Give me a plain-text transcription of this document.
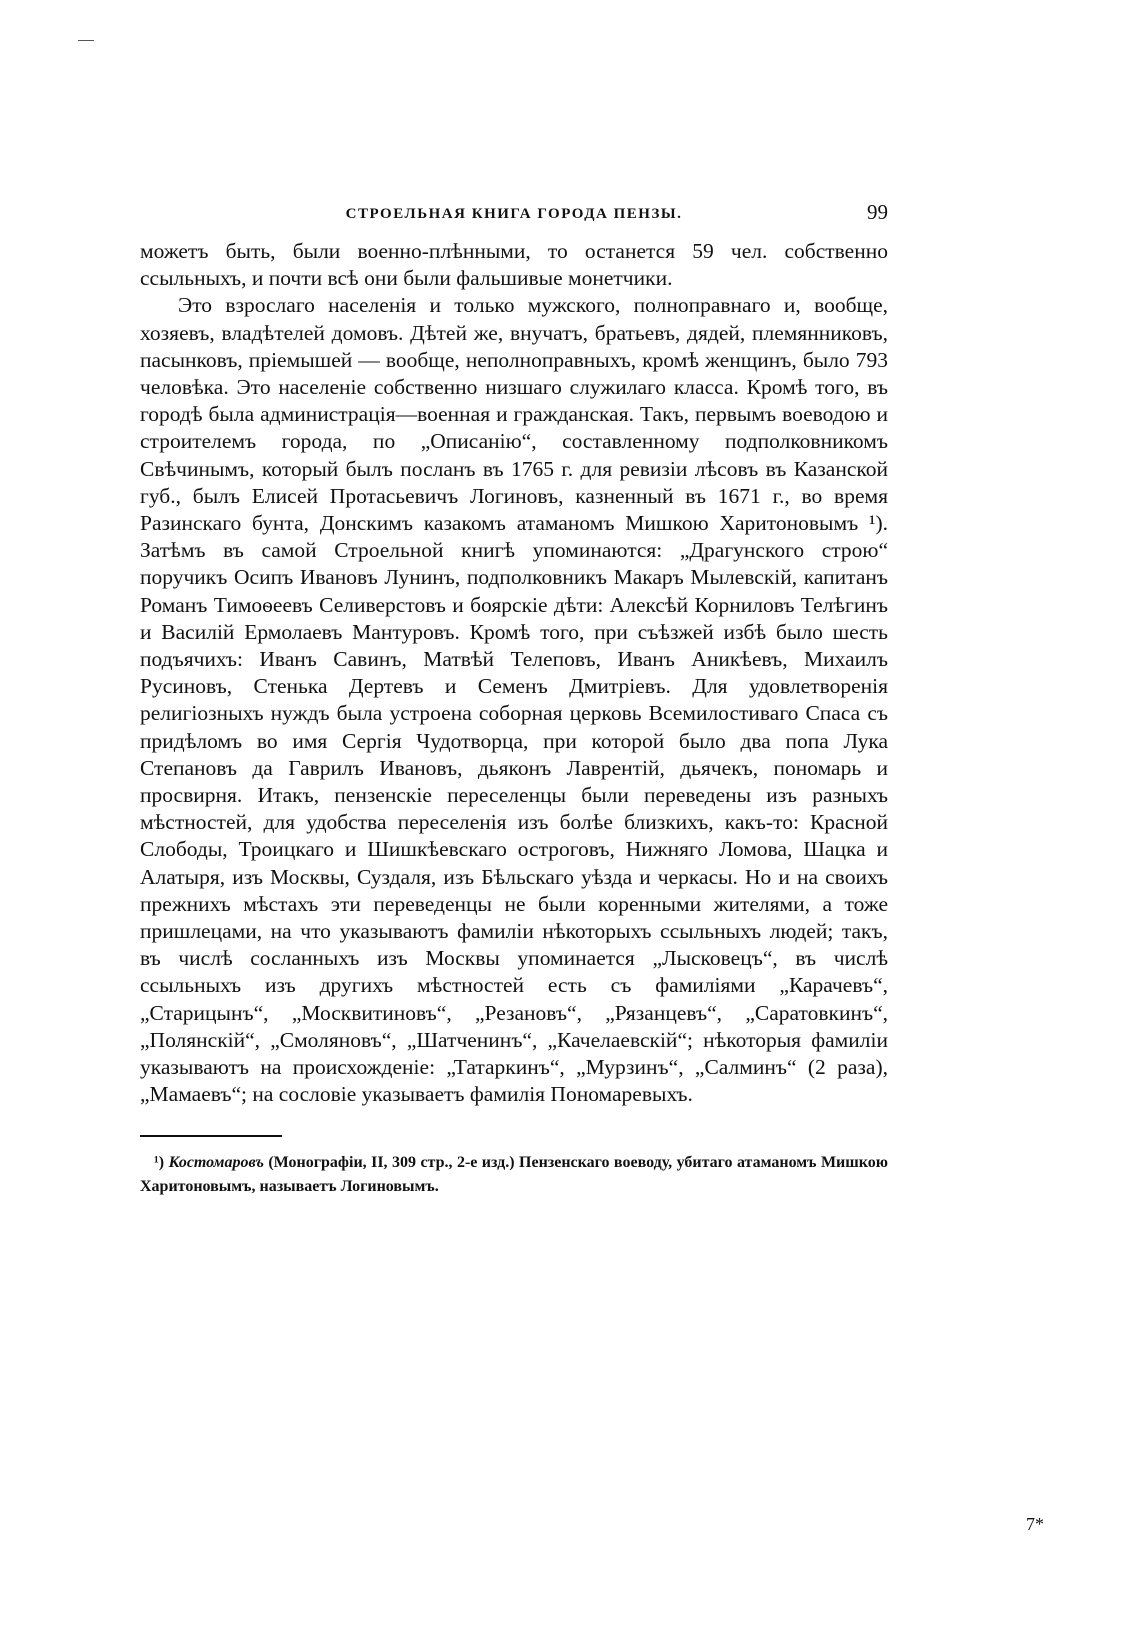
СТРОЕЛЬНАЯ КНИГА ГОРОДА ПЕНЗЫ.	99

можетъ быть, были военно-плѣнными, то останется 59 чел. собственно ссыльныхъ, и почти всѣ они были фальшивые монетчики.

Это взрослаго населенія и только мужского, полноправнаго и, вообще, хозяевъ, владѣтелей домовъ. Дѣтей же, внучатъ, братьевъ, дядей, племянниковъ, пасынковъ, пріемышей — вообще, неполноправныхъ, кромѣ женщинъ, было 793 человѣка. Это населеніе собственно низшаго служилаго класса. Кромѣ того, въ городѣ была администрація—военная и гражданская. Такъ, первымъ воеводою и строителемъ города, по „Описанію“, составленному подполковникомъ Свѣчинымъ, который былъ посланъ въ 1765 г. для ревизіи лѣсовъ въ Казанской губ., былъ Елисей Протасьевичъ Логиновъ, казненный въ 1671 г., во время Разинскаго бунта, Донскимъ казакомъ атаманомъ Мишкою Харитоновымъ ¹). Затѣмъ въ самой Строельной книгѣ упоминаются: „Драгунского строю“ поручикъ Осипъ Ивановъ Лунинъ, подполковникъ Макаръ Мылевскій, капитанъ Романъ Тимоѳеевъ Селиверстовъ и боярскіе дѣти: Алексѣй Корниловъ Телѣгинъ и Василій Ермолаевъ Мантуровъ. Кромѣ того, при съѣзжей избѣ было шесть подъячихъ: Иванъ Савинъ, Матвѣй Телеповъ, Иванъ Аникѣевъ, Михаилъ Русиновъ, Стенька Дертевъ и Семенъ Дмитріевъ. Для удовлетворенія религіозныхъ нуждъ была устроена соборная церковь Всемилостиваго Спаса съ придѣломъ во имя Сергія Чудотворца, при которой было два попа Лука Степановъ да Гаврилъ Ивановъ, дьяконъ Лаврентій, дьячекъ, пономарь и просвирня. Итакъ, пензенскіе переселенцы были переведены изъ разныхъ мѣстностей, для удобства переселенія изъ болѣе близкихъ, какъ-то: Красной Слободы, Троицкаго и Шишкѣевскаго остроговъ, Нижняго Ломова, Шацка и Алатыря, изъ Москвы, Суздаля, изъ Бѣльскаго уѣзда и черкасы. Но и на своихъ прежнихъ мѣстахъ эти переведенцы не были коренными жителями, а тоже пришлецами, на что указываютъ фамиліи нѣкоторыхъ ссыльныхъ людей; такъ, въ числѣ сосланныхъ изъ Москвы упоминается „Лысковецъ“, въ числѣ ссыльныхъ изъ другихъ мѣстностей есть съ фамиліями „Карачевъ“, „Старицынъ“, „Москвитиновъ“, „Резановъ“, „Рязанцевъ“, „Саратовкинъ“, „Полянскій“, „Смоляновъ“, „Шатченинъ“, „Качелаевскій“; нѣкоторыя фамиліи указываютъ на происхожденіе: „Татаркинъ“, „Мурзинъ“, „Салминъ“ (2 раза), „Мамаевъ“; на сословіе указываетъ фамилія Пономаревыхъ.

¹) Костомаровъ (Монографіи, II, 309 стр., 2-е изд.) Пензенскаго воеводу, убитаго атаманомъ Мишкою Харитоновымъ, называетъ Логиновымъ.
7*
